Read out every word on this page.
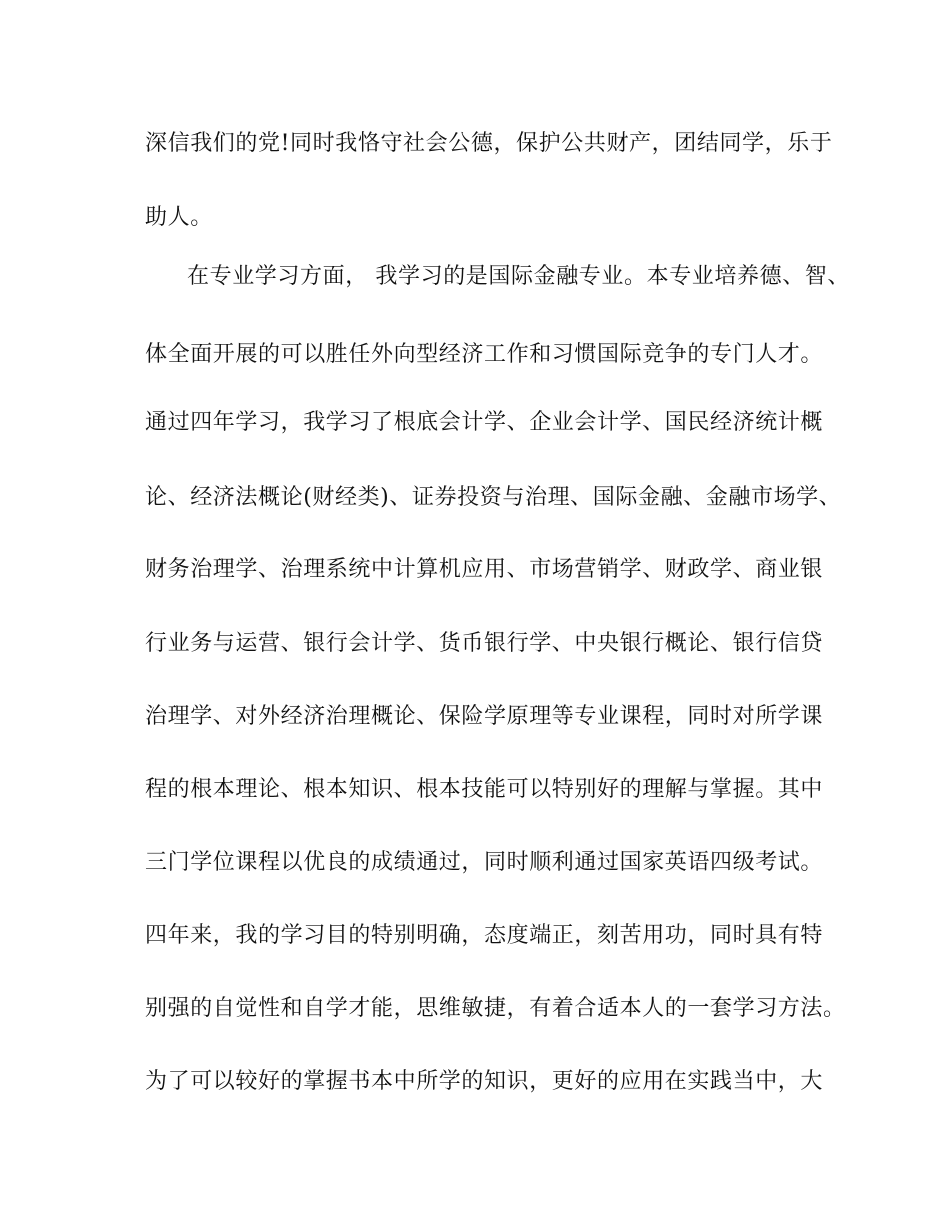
深信我们的党!同时我恪守社会公德，保护公共财产，团结同学，乐于
助人。
在专业学习方面， 我学习的是国际金融专业。本专业培养德、智、
体全面开展的可以胜任外向型经济工作和习惯国际竞争的专门人才。
通过四年学习，我学习了根底会计学、企业会计学、国民经济统计概
论、经济法概论(财经类)、证券投资与治理、国际金融、金融市场学、
财务治理学、治理系统中计算机应用、市场营销学、财政学、商业银
行业务与运营、银行会计学、货币银行学、中央银行概论、银行信贷
治理学、对外经济治理概论、保险学原理等专业课程，同时对所学课
程的根本理论、根本知识、根本技能可以特别好的理解与掌握。其中
三门学位课程以优良的成绩通过，同时顺利通过国家英语四级考试。
四年来，我的学习目的特别明确，态度端正，刻苦用功，同时具有特
别强的自觉性和自学才能，思维敏捷，有着合适本人的一套学习方法。
为了可以较好的掌握书本中所学的知识，更好的应用在实践当中，大
